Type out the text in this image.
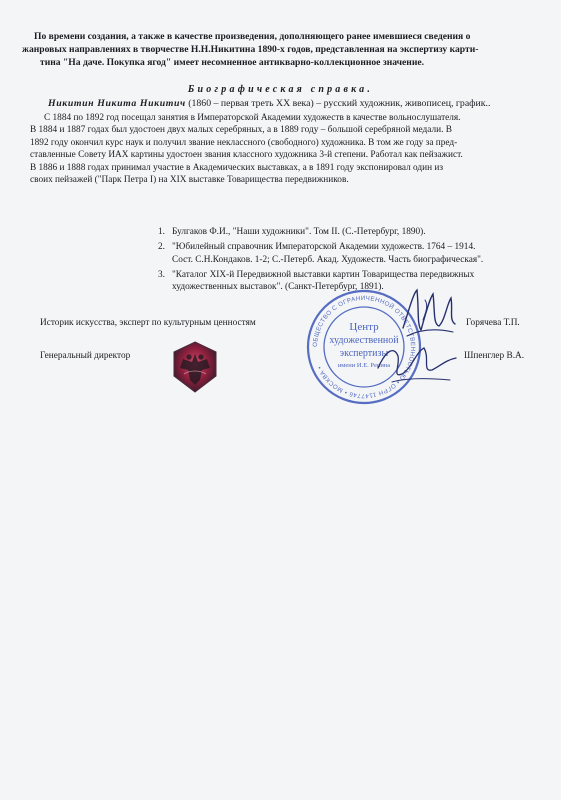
По времени создания, а также в качестве произведения, дополняющего ранее имевшиеся сведения о
жанровых направлениях в творчестве Н.Н.Никитина 1890-х годов, представленная на экспертизу карти-
тина "На даче. Покупка ягод" имеет несомненное антикварно-коллекционное значение.
Биографическая справка.
Никитин Никита Никитич (1860 – первая треть XX века) – русский художник, живописец, график..
С 1884 по 1892 год посещал занятия в Императорской Академии художеств в качестве вольнослушателя.
В 1884 и 1887 годах был удостоен двух малых серебряных, а в 1889 году – большой серебряной медали. В
1892 году окончил курс наук и получил звание неклассного (свободного) художника. В том же году за пред-
ставленные Совету ИАХ картины удостоен звания классного художника 3-й степени. Работал как пейзажист.
В 1886 и 1888 годах принимал участие в Академических выставках, а в 1891 году экспонировал один из
своих пейзажей ("Парк Петра I) на XIX выставке Товарищества передвижников.
1. Булгаков Ф.И., "Наши художники". Том II. (С.-Петербург, 1890).
2. "Юбилейный справочник Императорской Академии художеств. 1764 – 1914.
Сост. С.Н.Кондаков. 1-2; С.-Петерб. Акад. Художеств. Часть биографическая".
3. "Каталог XIX-й Передвижной выставки картин Товарищества передвижных
художественных выставок". (Санкт-Петербург, 1891).
ОБЩЕСТВО С ОГРАНИЧЕННОЙ ОТВЕТСТВЕННОСТЬЮ • ОГРН 1147746 • МОСКВА •
Центр
художественной
экспертизы
имени И.Е. Репина
Историк искусства, эксперт по культурным ценностям	Горячева Т.П.
Генеральный директор	Шпенглер В.А.
